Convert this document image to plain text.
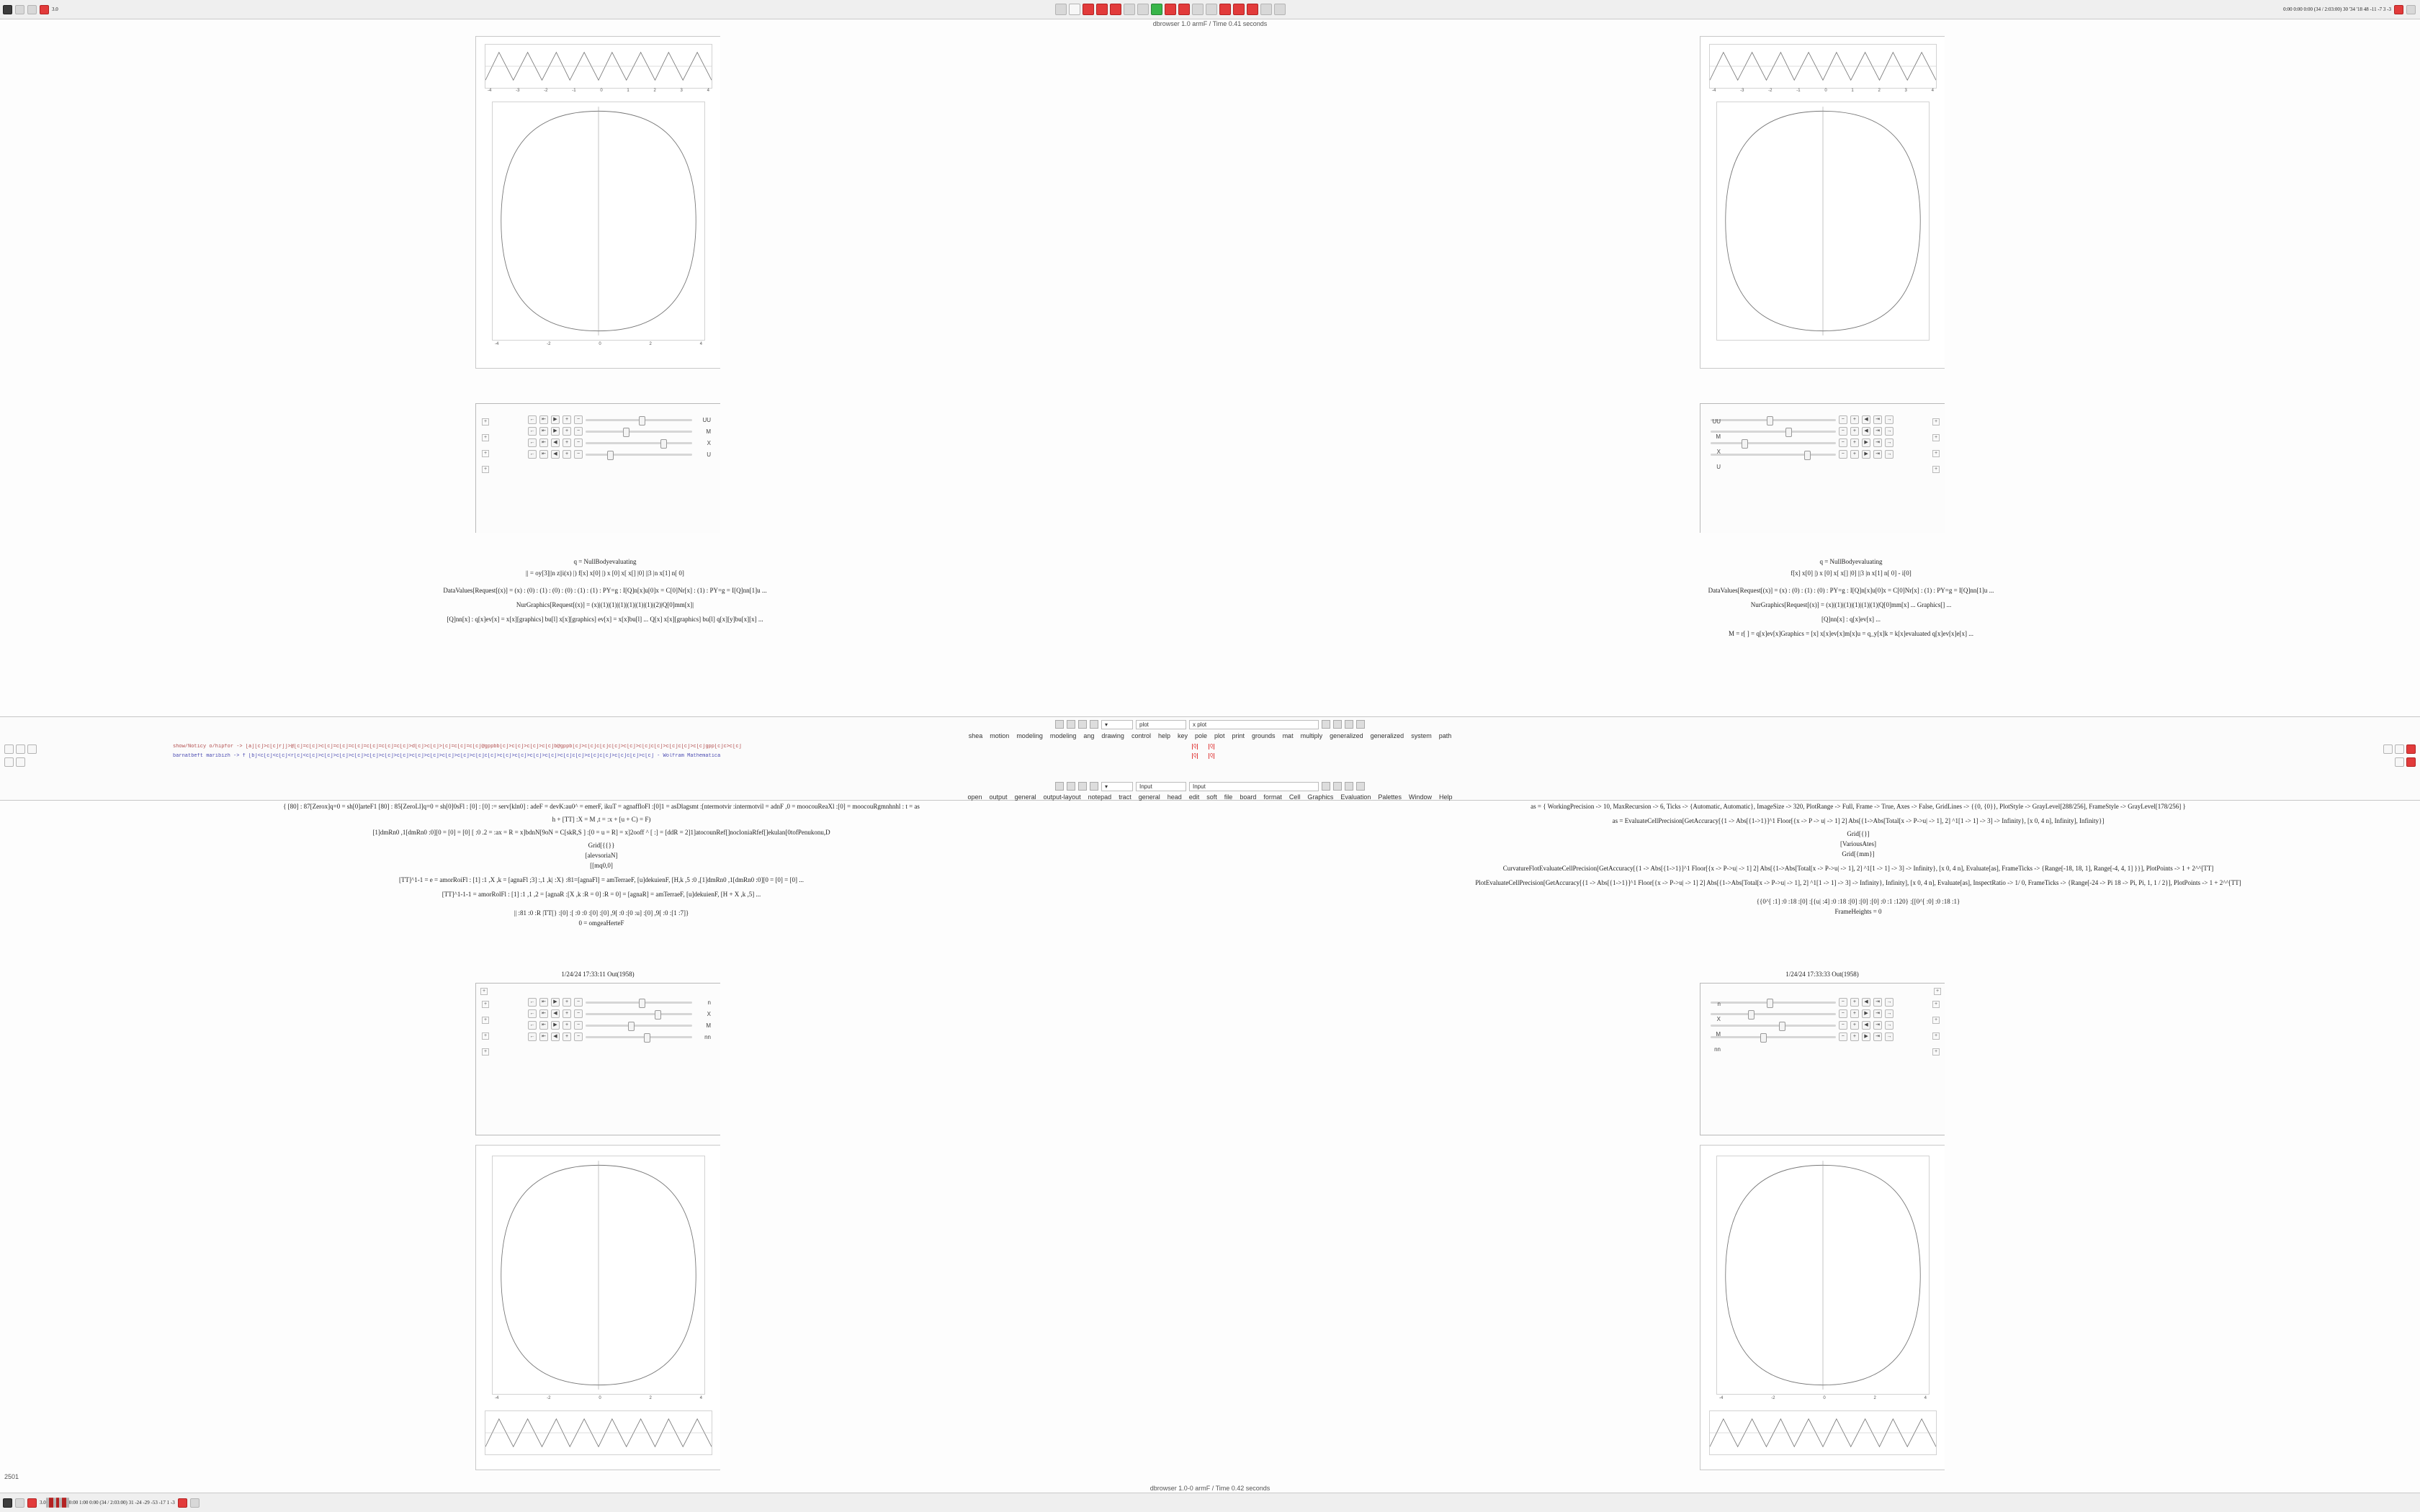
3.0	0:00 0:00 0:00 (34 / 2:03:00) 30 '34 '18 48 -11 -7 3 -3
dbrowser 1.0 armF / Time 0.41 seconds
-4	-3	-2	-1	0	1	2	3	4
-4	-2	0	2	4
←	⇤	▶	+	−	UU
←	⇤	▶	+	−	M
←	⇤	◀	+	−	X
←	⇤	◀	+	−	U
+
+
+
+
q = NullBodyevaluating
|| = oy[3]||n z||i(x) |) f[x] x[0] |) x [0] x[ x[] |0] ||3 |n x[1] n[ 0]
DataValues[Request[(x)] = (x) : (0) : (1) : (0) : (0) : (1) : (1) : PY=g : I[Q]n[x]u[0]x = C[0]Nr[x] : (1) : PY=g = I[Q]nn[1]u ...
NurGraphics[Request[(x)] = (x)|(1)|(1)|(1)|(1)|(1)|(1)|(2)|Q[0]mm[x]|
[Q]nn[x] : q[x]ev[x] = x[x][graphics] bu[l] x[x][graphics] ev[x] = x[x]bu[l] ... Q[x] x[x][graphics] bu[l] q[x][y]bu[x][x] ...
-4	-3	-2	-1	0	1	2	3	4
←
⇤
▶
+
−
←
⇤
▶
+
−
←
⇤
◀
+
−
←
⇤
◀
+
−
UU
M
X
U
+
+
+
+
q = NullBodyevaluating
f[x] x[0] |) x [0] x[ x[] |0] ||3 |n x[1] n[ 0] - i[0]
DataValues[Request[(x)] = (x) : (0) : (1) : (0) : PY=g : I[Q]n[x]u[0]x = C[0]Nr[x] : (1) : PY=g = I[Q]nn[1]u ...
NurGraphics[Request[(x)] = (x)|(1)|(1)|(1)|(1)|(1)|Q[0]mm[x] ... Graphics[] ...
[Q]nn[x] : q[x]ev[x] ...
M = r[ ] = q[x]ev[x]Graphics = [x] x[x]ev[x]m[x]u = q_y[x]k = k[x]evaluated q[x]ev[x]e[x] ...
▾	plot	x plot
shea motion modeling modeling ang drawing control help key pole plot print grounds mat multiply generalized generalized system path
show/Noticy o/hipfor -> [a][c]>c[c]r]]>@[c]=c[c]>c[c]=c[c]=c[c]=c[c]=c[c]=c[c]>d[c]>c[c]>[c]=c[c]=c[c]@gppbb[c]>c[c]>c[c]>c[c]b@gppb[c]>c[c]c[c]c[c]>c[c]>c[c]c[c]>c[c]c[c]>c[c]gpp[c]c>c[c]	Q	Q
barnatbeft maribizh -> f [b]<c[c]<c[c]<r[c]<c[c]>c[c]>c[c]>c[c]>c[c]>c[c]>c[c]>c[c]>c[c]>c[c]>c[c]>c[c]c[c]>c[c]>c[c]>c[c]>c[c]>c[c]c[c]>c[c]c[c]>c[c]c[c]>c[c] - Wolfram Mathematica	Q	Q
▾	Input	Input
open output general output-layout notepad tract general head edit soft file board format Cell Graphics Evaluation Palettes Window Help
{ [80] : 87[Zerox]q=0 = sh[0]arteF1 [80] : 85[ZeroLl]q=0 = sh[0]0sFl : [0] : [0] := serv[kln0] : adeF = devK:au0^ = emerF, ikuT = agnaffloFl :[0]1 = asDlagsmt :[ntermotvir :intermotvil = adnF ,0 = moocouReaXl :[0] = moocouRgmnhnhl : t = as
h + [TT] :X = M ,t = :x + [u + C) = F)
[1]dmRn0 ,1[dmRn0 :0][0 = [0] = [0] [ :0 .2 = :ax = R = x]bdnN[9oN = C[skR,S ] :[0 = u = R] = x]2ooff ^ [ :] = [ddR = 2]1]atocounRef[]nocloniaRfef[]ekulan[0tofPenukonu,D
Grid[{{}}
[alevsoriaN]
[[mq0,0]
[TT]^1-1 = e = amorRoiFl : [1] :1 ,X ,k = [agnaFl ;3] :,1 ,k| :X} :81=[agnaFl] = amTerraeF, [u]dekuienF, [H,k ,5 :0 ,[1]dmRn0 ,1[dmRn0 :0][0 = [0] = [0] ...
[TT]^1-1-1 = amorRolFl : [1] :1 ,1 ,2 = [agnaR :[X ,k :R = 0] :R = 0] = [agnaR] = amTerraeF, [u]dekuienF, [H + X ,k ,5] ...
|| :81 :0 :R |TT[} :[0] :[ :0 :0 :[0] :[0] ,9[ :0 :[0 :u] :[0] ,9[ :0 :[1 :7]}
0 = omgeaHerteF
as = { WorkingPrecision -> 10, MaxRecursion -> 6, Ticks -> {Automatic, Automatic}, ImageSize -> 320, PlotRange -> Full, Frame -> True, Axes -> False, GridLines -> {{0, {0}}, PlotStyle -> GrayLevel[288/256], FrameStyle -> GrayLevel[178/256] }
as = EvaluateCellPrecision[GetAccuracy[{1 -> Abs[{1->1}]^1 Floor[{x -> P -> u| -> 1] 2] Abs[{1->Abs[Total[x -> P->u| -> 1], 2] ^1[1 -> 1] -> 3] -> Infinity}, [x 0, 4 n], Infinity], Infinity}]
Grid[{}]
[VariousAtes]
Grid[{mm}]
CurvatureFlotEvaluateCellPrecision[GetAccuracy[{1 -> Abs[{1->1}]^1 Floor[{x -> P->u| -> 1] 2] Abs[{1->Abs[Total[x -> P->u| -> 1], 2] ^1[1 -> 1] -> 3] -> Infinity}, [x 0, 4 n], Evaluate[as], FrameTicks -> {Range[-18, 18, 1], Range[-4, 4, 1] }}], PlotPoints -> 1 + 2^^[TT]
PlotEvaluateCellPrecision[GetAccuracy[{1 -> Abs[{1->1}]^1 Floor[{x -> P->u| -> 1] 2] Abs[{1->Abs[Total[x -> P->u| -> 1], 2] ^1[1 -> 1] -> 3] -> Infinity}, Infinity], [x 0, 4 n], Evaluate[as], InspectRatio -> 1/ 0, FrameTicks -> {Range[-24 -> Pi 18 -> Pi, Pi, 1, 1 / 2}], PlotPoints -> 1 + 2^^[TT]
{{0^[ :1] :0 :18 :[0] :[{u| :4] :0 :18 :[0] :[0] :[0] :0 :1 :120} :[[0^[ :0] :0 :18 :1}
FrameHeights = 0
1/24/24 17:33:11 Out(1958)
+
←	⇤	▶	+	−	n
←	⇤	◀	+	−	X
←	⇤	▶	+	−	M
←	⇤	◀	+	−	nn
+
+
+
+
-4	-2	0	2	4
1/24/24 17:33:33 Out(1958)
+
←
⇤
▶
+
−
←
⇤
◀
+
−
←
⇤
▶
+
−
←
⇤
◀
+
−
n
X
M
nn
+
+
+
+
-4	-2	0	2	4
dbrowser 1.0-0 armF / Time 0.42 seconds
2501
3.0	0:00 1:00 0:00 (34 / 2:03:00) 31 -24 -29 -53 -17 1 -3
